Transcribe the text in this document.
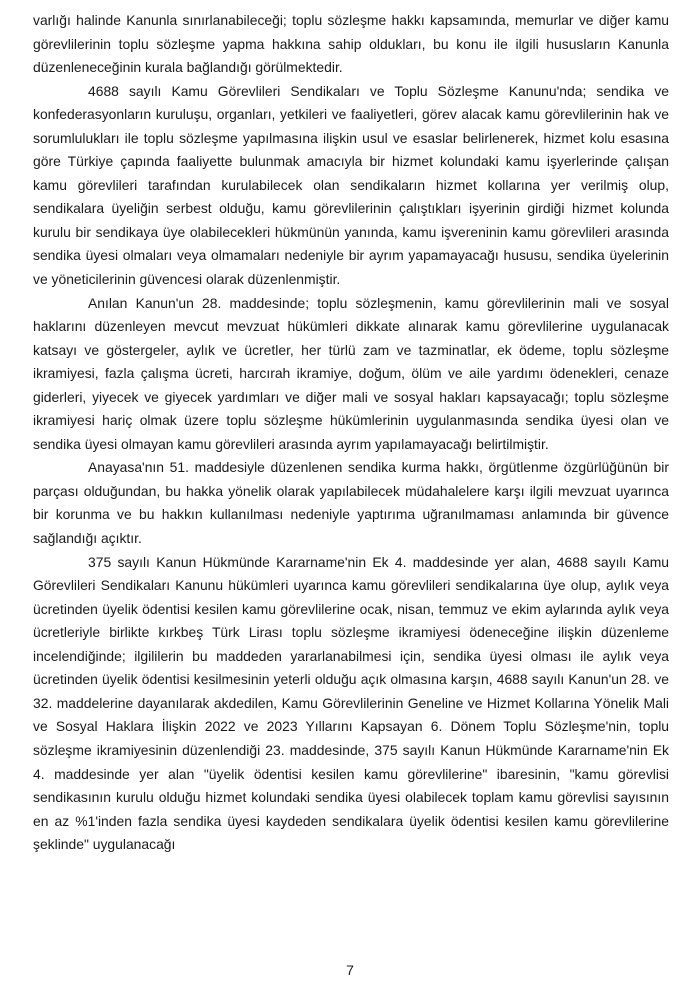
varlığı halinde Kanunla sınırlanabileceği; toplu sözleşme hakkı kapsamında, memurlar ve diğer kamu görevlilerinin toplu sözleşme yapma hakkına sahip oldukları, bu konu ile ilgili hususların Kanunla düzenleneceğinin kurala bağlandığı görülmektedir.

4688 sayılı Kamu Görevlileri Sendikaları ve Toplu Sözleşme Kanunu'nda; sendika ve konfederasyonların kuruluşu, organları, yetkileri ve faaliyetleri, görev alacak kamu görevlilerinin hak ve sorumlulukları ile toplu sözleşme yapılmasına ilişkin usul ve esaslar belirlenerek, hizmet kolu esasına göre Türkiye çapında faaliyette bulunmak amacıyla bir hizmet kolundaki kamu işyerlerinde çalışan kamu görevlileri tarafından kurulabilecek olan sendikaların hizmet kollarına yer verilmiş olup, sendikalara üyeliğin serbest olduğu, kamu görevlilerinin çalıştıkları işyerinin girdiği hizmet kolunda kurulu bir sendikaya üye olabilecekleri hükmünün yanında, kamu işvereninin kamu görevlileri arasında sendika üyesi olmaları veya olmamaları nedeniyle bir ayrım yapamayacağı hususu, sendika üyelerinin ve yöneticilerinin güvencesi olarak düzenlenmiştir.

Anılan Kanun'un 28. maddesinde; toplu sözleşmenin, kamu görevlilerinin mali ve sosyal haklarını düzenleyen mevcut mevzuat hükümleri dikkate alınarak kamu görevlilerine uygulanacak katsayı ve göstergeler, aylık ve ücretler, her türlü zam ve tazminatlar, ek ödeme, toplu sözleşme ikramiyesi, fazla çalışma ücreti, harcırah ikramiye, doğum, ölüm ve aile yardımı ödenekleri, cenaze giderleri, yiyecek ve giyecek yardımları ve diğer mali ve sosyal hakları kapsayacağı; toplu sözleşme ikramiyesi hariç olmak üzere toplu sözleşme hükümlerinin uygulanmasında sendika üyesi olan ve sendika üyesi olmayan kamu görevlileri arasında ayrım yapılamayacağı belirtilmiştir.

Anayasa'nın 51. maddesiyle düzenlenen sendika kurma hakkı, örgütlenme özgürlüğünün bir parçası olduğundan, bu hakka yönelik olarak yapılabilecek müdahalelere karşı ilgili mevzuat uyarınca bir korunma ve bu hakkın kullanılması nedeniyle yaptırıma uğranılmaması anlamında bir güvence sağlandığı açıktır.

375 sayılı Kanun Hükmünde Kararname'nin Ek 4. maddesinde yer alan, 4688 sayılı Kamu Görevlileri Sendikaları Kanunu hükümleri uyarınca kamu görevlileri sendikalarına üye olup, aylık veya ücretinden üyelik ödentisi kesilen kamu görevlilerine ocak, nisan, temmuz ve ekim aylarında aylık veya ücretleriyle birlikte kırkbeş Türk Lirası toplu sözleşme ikramiyesi ödeneceğine ilişkin düzenleme incelendiğinde; ilgililerin bu maddeden yararlanabilmesi için, sendika üyesi olması ile aylık veya ücretinden üyelik ödentisi kesilmesinin yeterli olduğu açık olmasına karşın, 4688 sayılı Kanun'un 28. ve 32. maddelerine dayanılarak akdedilen, Kamu Görevlilerinin Geneline ve Hizmet Kollarına Yönelik Mali ve Sosyal Haklara İlişkin 2022 ve 2023 Yıllarını Kapsayan 6. Dönem Toplu Sözleşme'nin, toplu sözleşme ikramiyesinin düzenlendiği 23. maddesinde, 375 sayılı Kanun Hükmünde Kararname'nin Ek 4. maddesinde yer alan "üyelik ödentisi kesilen kamu görevlilerine" ibaresinin, "kamu görevlisi sendikasının kurulu olduğu hizmet kolundaki sendika üyesi olabilecek toplam kamu görevlisi sayısının en az %1'inden fazla sendika üyesi kaydeden sendikalara üyelik ödentisi kesilen kamu görevlilerine şeklinde" uygulanacağı

7
